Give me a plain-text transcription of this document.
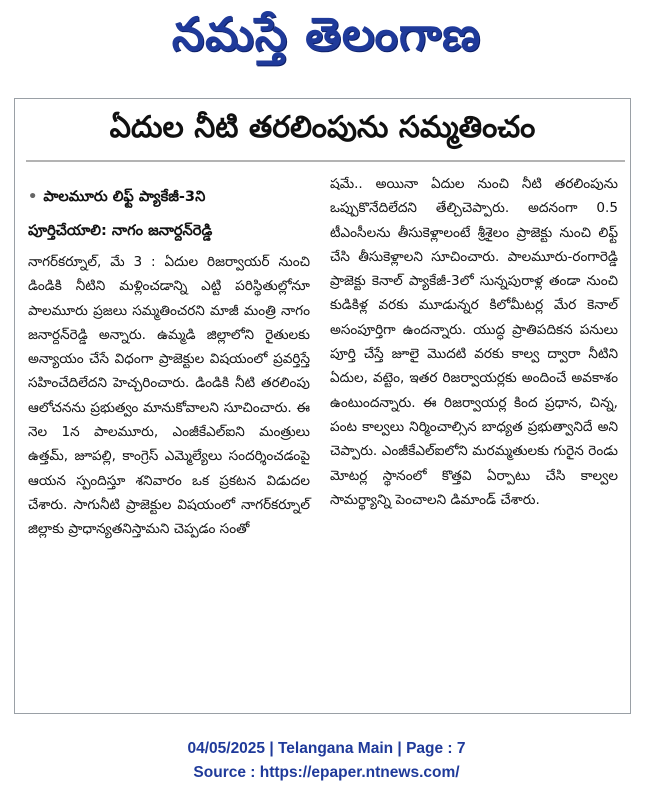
నమస్తే తెలంగాణ
ఏదుల నీటి తరలింపును సమ్మతించం
• పాలమూరు లిఫ్ట్ ప్యాకేజీ-3ని
పూర్తిచేయాలి: నాగం జనార్దన్‌రెడ్డి
నాగర్‌కర్నూల్, మే 3 : ఏదుల రిజర్వాయర్ నుంచి డిండికి నీటిని మళ్లించడాన్ని ఎట్టి పరిస్థితుల్లోనూ పాలమూరు ప్రజలు సమ్మతించరని మాజీ మంత్రి నాగం జనార్దన్‌రెడ్డి అన్నారు. ఉమ్మడి జిల్లాలోని రైతులకు అన్యాయం చేసే విధంగా ప్రాజెక్టుల విషయంలో ప్రవర్తిస్తే సహించేదిలేదని హెచ్చరించారు. డిండికి నీటి తరలింపు ఆలోచనను ప్రభుత్వం మానుకోవాలని సూచించారు. ఈ నెల 1న పాలమూరు, ఎంజీకేఎల్‌ఐని మంత్రులు ఉత్తమ్, జూపల్లి, కాంగ్రెస్ ఎమ్మెల్యేలు సందర్శించడంపై ఆయన స్పందిస్తూ శనివారం ఒక ప్రకటన విడుదల చేశారు. సాగునీటి ప్రాజెక్టుల విషయంలో నాగర్‌కర్నూల్ జిల్లాకు ప్రాధాన్యతనిస్తామని చెప్పడం సంతో
షమే.. అయినా ఏదుల నుంచి నీటి తరలింపును ఒప్పుకొనేదిలేదని తేల్చిచెప్పారు. అదనంగా 0.5 టీఎంసీలను తీసుకెళ్లాలంటే శ్రీశైలం ప్రాజెక్టు నుంచి లిఫ్ట్ చేసి తీసుకెళ్లాలని సూచించారు. పాలమూరు-రంగారెడ్డి ప్రాజెక్టు కెనాల్ ప్యాకేజీ-3లో సున్నపురాళ్ల తండా నుంచి కుడికిళ్ల వరకు మూడున్నర కిలోమీటర్ల మేర కెనాల్ అసంపూర్తిగా ఉందన్నారు. యుద్ధ ప్రాతిపదికన పనులు పూర్తి చేస్తే జూలై మొదటి వరకు కాల్వ ద్వారా నీటిని ఏదుల, వట్టెం, ఇతర రిజర్వాయర్లకు అందించే అవకాశం ఉంటుందన్నారు. ఈ రిజర్వాయర్ల కింద ప్రధాన, చిన్న, పంట కాల్వలు నిర్మించాల్సిన బాధ్యత ప్రభుత్వానిదే అని చెప్పారు. ఎంజీకేఎల్‌ఐలోని మరమ్మతులకు గురైన రెండు మోటర్ల స్థానంలో కొత్తవి ఏర్పాటు చేసి కాల్వల సామర్థ్యాన్ని పెంచాలని డిమాండ్ చేశారు.
04/05/2025 | Telangana Main | Page : 7
Source : https://epaper.ntnews.com/
